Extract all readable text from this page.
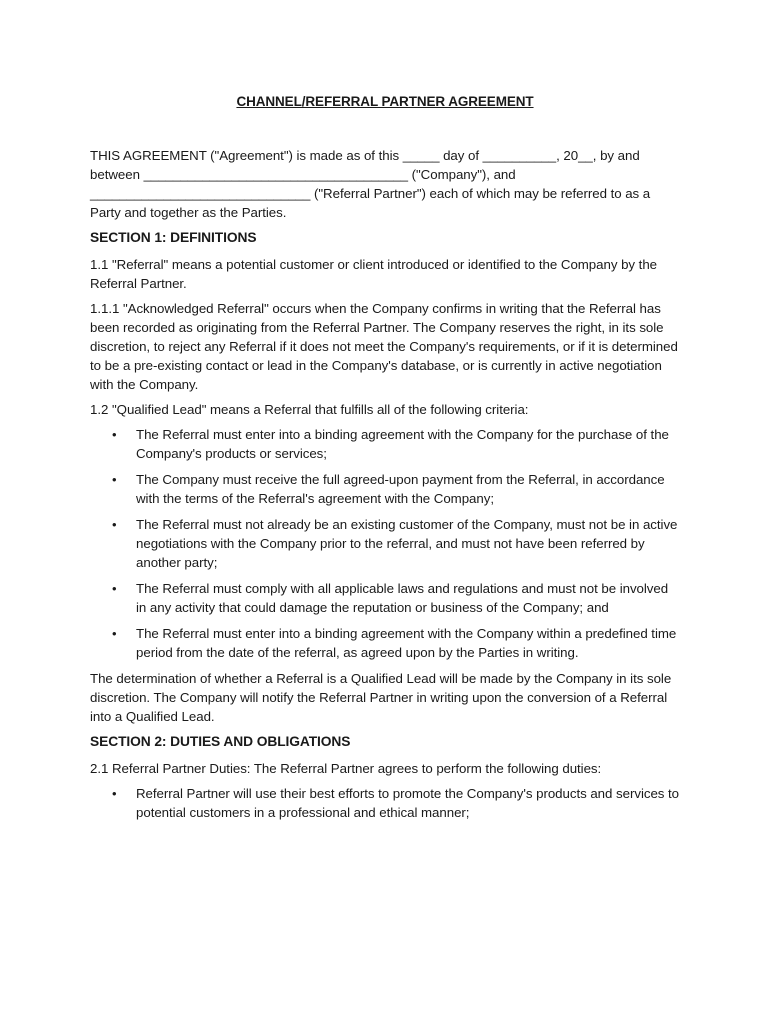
CHANNEL/REFERRAL PARTNER AGREEMENT

THIS AGREEMENT ("Agreement") is made as of this _____ day of __________, 20__, by and between ____________________________________ ("Company"), and ______________________________ ("Referral Partner") each of which may be referred to as a Party and together as the Parties.

SECTION 1: DEFINITIONS

1.1 "Referral" means a potential customer or client introduced or identified to the Company by the Referral Partner.

1.1.1 "Acknowledged Referral" occurs when the Company confirms in writing that the Referral has been recorded as originating from the Referral Partner. The Company reserves the right, in its sole discretion, to reject any Referral if it does not meet the Company's requirements, or if it is determined to be a pre-existing contact or lead in the Company's database, or is currently in active negotiation with the Company.

1.2 "Qualified Lead" means a Referral that fulfills all of the following criteria:

• The Referral must enter into a binding agreement with the Company for the purchase of the Company's products or services;
• The Company must receive the full agreed-upon payment from the Referral, in accordance with the terms of the Referral's agreement with the Company;
• The Referral must not already be an existing customer of the Company, must not be in active negotiations with the Company prior to the referral, and must not have been referred by another party;
• The Referral must comply with all applicable laws and regulations and must not be involved in any activity that could damage the reputation or business of the Company; and
• The Referral must enter into a binding agreement with the Company within a predefined time period from the date of the referral, as agreed upon by the Parties in writing.

The determination of whether a Referral is a Qualified Lead will be made by the Company in its sole discretion. The Company will notify the Referral Partner in writing upon the conversion of a Referral into a Qualified Lead.

SECTION 2: DUTIES AND OBLIGATIONS

2.1 Referral Partner Duties: The Referral Partner agrees to perform the following duties:

• Referral Partner will use their best efforts to promote the Company's products and services to potential customers in a professional and ethical manner;
